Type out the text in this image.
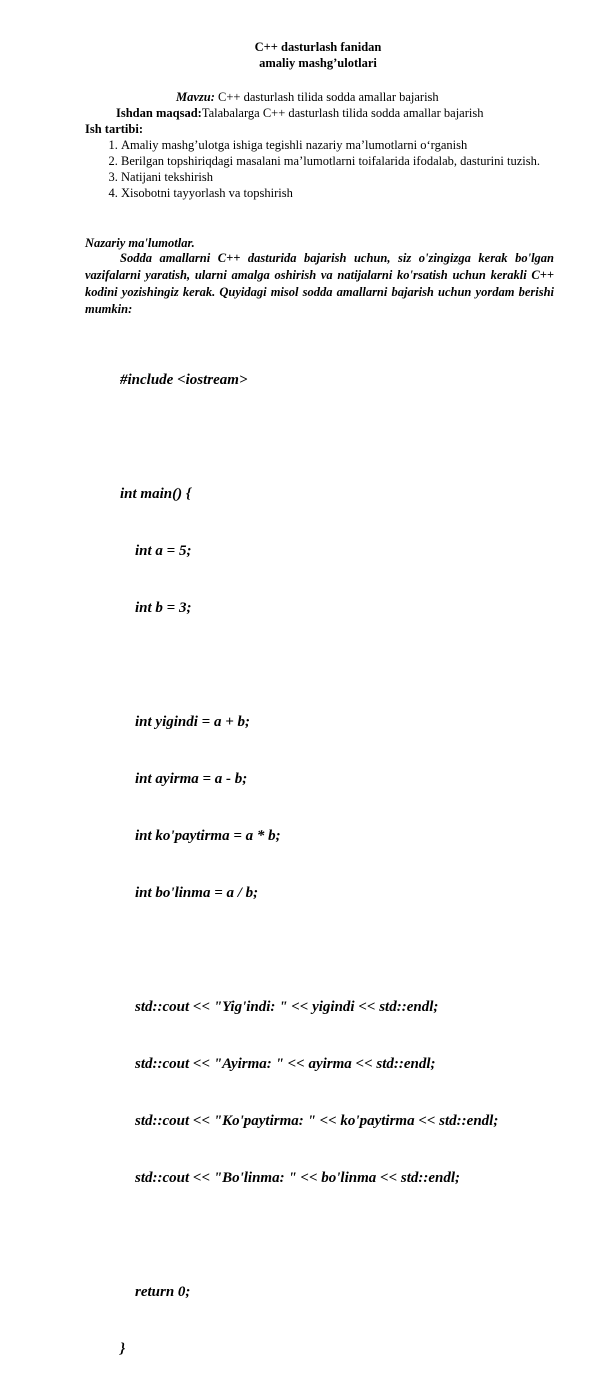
C++ dasturlash fanidan
amaliy mashg’ulotlari
Mavzu: C++ dasturlash tilida sodda amallar bajarish
Ishdan maqsad:Talabalarga C++ dasturlash tilida sodda amallar bajarish
Ish tartibi:
1. Amaliy mashg’ulotga ishiga tegishli nazariy ma’lumotlarni o‘rganish
2. Berilgan topshiriqdagi masalani ma’lumotlarni toifalarida ifodalab, dasturini tuzish.
3. Natijani tekshirish
4. Xisobotni tayyorlash va topshirish
Nazariy ma'lumotlar.

Sodda amallarni C++ dasturida bajarish uchun, siz o'zingizga kerak bo'lgan vazifalarni yaratish, ularni amalga oshirish va natijalarni ko'rsatish uchun kerakli C++ kodini yozishingiz kerak. Quyidagi misol sodda amallarni bajarish uchun yordam berishi mumkin:

#include <iostream>

int main() {

int a = 5;

int b = 3;

int yigindi = a + b;

int ayirma = a - b;

int ko'paytirma = a * b;

int bo'linma = a / b;

std::cout << "Yig'indi: " << yigindi << std::endl;

std::cout << "Ayirma: " << ayirma << std::endl;

std::cout << "Ko'paytirma: " << ko'paytirma << std::endl;

std::cout << "Bo'linma: " << bo'linma << std::endl;

return 0;

}
